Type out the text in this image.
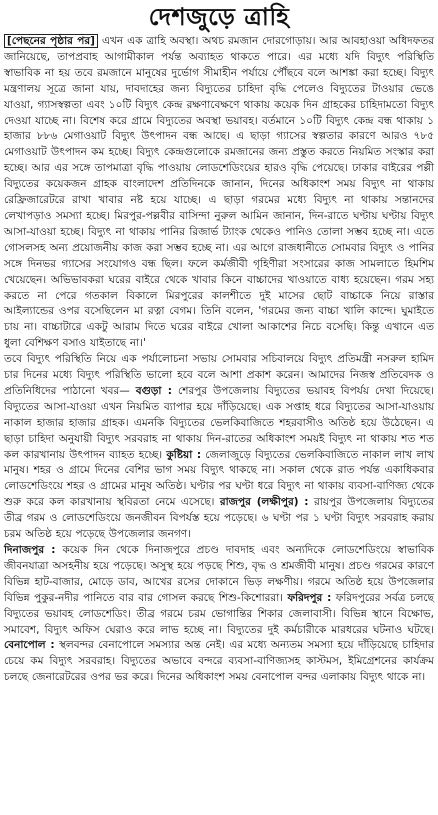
দেশজুড়ে ত্রাহি

[পেছনের পৃষ্ঠার পর] এখন এক ত্রাহি অবস্থা। অথচ রমজান দোরগোড়ায়। আর আবহাওয়া অধিদফতর জানিয়েছে, তাপপ্রবাহ আগামীকাল পর্যন্ত অব্যাহত থাকতে পারে। এর মধ্যে যদি বিদ্যুৎ পরিস্থিতি স্বাভাবিক না হয় তবে রমজানে মানুষের দুর্ভোগ সীমাহীন পর্যায়ে পৌঁছবে বলে আশঙ্কা করা হচ্ছে। বিদ্যুৎ মন্ত্রণালয় সূত্রে জানা যায়, দাবদাহের জন্য বিদ্যুতের চাহিদা বৃদ্ধি পেলেও বিদ্যুতের টাওয়ার ভেঙে যাওয়া, গ্যাসস্বল্পতা এবং ১০টি বিদ্যুৎ কেন্দ্র রক্ষণাবেক্ষণে থাকায় কয়েক দিন গ্রাহকের চাহিদামতো বিদ্যুৎ দেওয়া যাচ্ছে না। বিশেষ করে গ্রামে বিদ্যুতের অবস্থা ভয়াবহ। বর্তমানে ১০টি বিদ্যুৎ কেন্দ্র বন্ধ থাকায় ১ হাজার ৮৮৬ মেগাওয়াট বিদ্যুৎ উৎপাদন বন্ধ আছে। এ ছাড়া গ্যাসের স্বল্পতার কারণে আরও ৭৮৫ মেগাওয়াট উৎপাদন কম হচ্ছে। বিদ্যুৎ কেন্দ্রগুলোকে রমজানের জন্য প্রস্তুত করতে নিয়মিত সংস্কার করা হচ্ছে। আর এর সঙ্গে তাপমাত্রা বৃদ্ধি পাওয়ায় লোডশেডিংয়ের হারও বৃদ্ধি পেয়েছে। ঢাকার বাইরের পল্লী বিদ্যুতের কয়েকজন গ্রাহক বাংলাদেশ প্রতিদিনকে জানান, দিনের অধিকাংশ সময় বিদ্যুৎ না থাকায় রেফ্রিজারেটরে রাখা খাবার নষ্ট হয়ে যাচ্ছে। এ ছাড়া গরমের মধ্যে বিদ্যুৎ না থাকায় সন্তানদের লেখাপড়াও সমস্যা হচ্ছে। মিরপুর-পল্লবীর বাসিন্দা নুরুল আমিন জানান, দিন-রাতে ঘণ্টায় ঘণ্টায় বিদ্যুৎ আসা-যাওয়া হচ্ছে। বিদ্যুৎ না থাকায় পানির রিজার্ভ ট্যাংক থেকেও পানিও তোলা সম্ভব হচ্ছে না। এতে গোসলসহ অন্য প্রয়োজনীয় কাজ করা সম্ভব হচ্ছে না। এর আগে রাজধানীতে সোমবার বিদ্যুৎ ও পানির সঙ্গে দিনভর গ্যাসের সংযোগও বন্ধ ছিল। ফলে কর্মজীবী গৃহিণীরা সংসারের কাজ সামলাতে হিমশিম খেয়েছেন। অভিভাবকরা ঘরের বাইরে থেকে খাবার কিনে বাচ্চাদের খাওয়াতে বাধ্য হয়েছেন। গরম সহ্য করতে না পেরে গতকাল বিকালে মিরপুরের কালশীতে দুই মাসের ছোট বাচ্চাকে নিয়ে রাস্তার আইল্যান্ডের ওপর বসেছিলেন মা রত্না বেগম। তিনি বলেন, 'গরমের জন্য বাচ্চা খালি কান্দে। ঘুমাইতে চায় না। বাচ্চাটারে একটু আরাম দিতে ঘরের বাইরে খোলা আকাশের নিচে বসেছি। কিন্তু এখানে এত ধুলা বেশিক্ষণ বসাও যাইতাছে না।'

তবে বিদ্যুৎ পরিস্থিতি নিয়ে এক পর্যালোচনা সভায় সোমবার সচিবালয়ে বিদ্যুৎ প্রতিমন্ত্রী নসরুল হামিদ চার দিনের মধ্যে বিদ্যুৎ পরিস্থিতি ভালো হবে বলে আশা প্রকাশ করেন। আমাদের নিজস্ব প্রতিবেদক ও প্রতিনিধিদের পাঠানো খবর— বগুড়া : শেরপুর উপজেলায় বিদ্যুতের ভয়াবহ বিপর্যয় দেখা দিয়েছে। বিদ্যুতের আসা-যাওয়া এখন নিয়মিত ব্যাপার হয়ে দাঁড়িয়েছে। এক সপ্তাহ ধরে বিদ্যুতের আসা-যাওয়ায় নাকাল হাজার হাজার গ্রাহক। এমনকি বিদ্যুতের ভেলকিবাজিতে শহরবাসীও অতিষ্ঠ হয়ে উঠেছেন। এ ছাড়া চাহিদা অনুযায়ী বিদ্যুৎ সরবরাহ না থাকায় দিন-রাতের অধিকাংশ সময়ই বিদ্যুৎ না থাকায় শত শত কল কারখানায় উৎপাদন ব্যাহত হচ্ছে। কুষ্টিয়া : জেলাজুড়ে বিদ্যুতের ভেলকিবাজিতে নাকাল লাখ লাখ মানুষ। শহর ও গ্রামে দিনের বেশির ভাগ সময় বিদ্যুৎ থাকছে না। সকাল থেকে রাত পর্যন্ত একাধিকবার লোডশেডিংয়ে শহর ও গ্রামের মানুষ অতিষ্ঠ। ঘণ্টার পর ঘণ্টা ধরে বিদ্যুৎ না থাকায় ব্যবসা-বাণিজ্য থেকে শুরু করে কল কারখানায় স্থবিরতা নেমে এসেছে। রাজপুর (লক্ষীপুর) : রায়পুর উপজেলায় বিদ্যুতের তীব্র গরম ও লোডশেডিংয়ে জনজীবন বিপর্যস্ত হয়ে পড়েছে। ৬ ঘণ্টা পর ১ ঘণ্টা বিদ্যুৎ সরবরাহ করায় চরম অতিষ্ঠ হয়ে পড়েছে উপজেলার জনগণ।

দিনাজপুর : কয়েক দিন থেকে দিনাজপুরে প্রচণ্ড দাবদাহ এবং অন্যদিকে লোডশেডিংয়ে স্বাভাবিক জীবনযাত্রা অসহনীয় হয়ে পড়েছে। অসুস্থ হয়ে পড়ছে শিশু, বৃদ্ধ ও শ্রমজীবী মানুষ। প্রচণ্ড গরমের কারণে বিভিন্ন হাট-বাজার, মোড়ে ডাব, আখের রসের দোকানে ভিড় লক্ষণীয়। গরমে অতিষ্ঠ হয়ে উপজেলার বিভিন্ন পুকুর-নদীর পানিতে বার বার গোসল করছে শিশু-কিশোররা। ফরিদপুর : ফরিদপুরের সর্বত্র চলছে বিদ্যুতের ভয়াবহ লোডশেডিং। তীব্র গরমে চরম ভোগান্তির শিকার জেলাবাসী। বিভিন্ন স্থানে বিক্ষোভ, সমাবেশ, বিদ্যুৎ অফিস ঘেরাও করে লাভ হচ্ছে না। বিদ্যুতের দুই কর্মচারীকে মারধরের ঘটনাও ঘটছে। বেনাপোল : স্থলবন্দর বেনাপোলে সমস্যার অন্ত নেই। এর মধ্যে অন্যতম সমস্যা হয়ে দাঁড়িয়েছে চাহিদার চেয়ে কম বিদ্যুৎ সরবরাহ। বিদ্যুতের অভাবে বন্দরে ব্যবসা-বাণিজ্যসহ কাস্টমস, ইমিগ্রেশনের কার্যক্রম চলছে জেনারেটরের ওপর ভর করে। দিনের অধিকাংশ সময় বেনাপোল বন্দর এলাকায় বিদ্যুৎ থাকে না।
